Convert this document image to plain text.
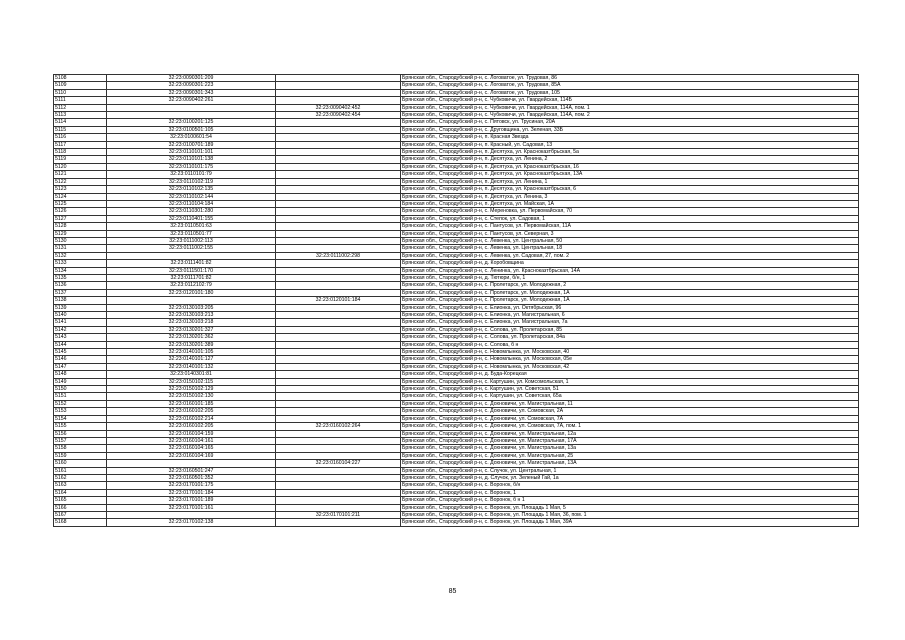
5108	32:23:0090301:209		Брянская обл., Стародубский р-н, с. Логоватое, ул. Трудовая, 86
5109	32:23:0090301:223		Брянская обл., Стародубский р-н, с. Логоватое, ул. Трудовая, 85А
5110	32:23:0090301:343		Брянская обл., Стародубский р-н, с. Логоватое, ул. Трудовая, 105
5111	32:23:0090402:261		Брянская обл., Стародубский р-н, с. Чубковичи, ул. Гвардейская, 114Б
5112		32:23:0090402:452	Брянская обл., Стародубский р-н, с. Чубковичи, ул. Гвардейская, 114А, пом. 1
5113		32:23:0090402:454	Брянская обл., Стародубский р-н, с. Чубковичи, ул. Гвардейская, 114А, пом. 2
5114	32:23:0100201:125		Брянская обл., Стародубский р-н, с. Пятовск, ул. Трусиная, 20А
5115	32:23:0100501:105		Брянская обл., Стародубский р-н, с. Друговщина, ул. Зеленая, 33Б
5116	32:23:0100601:54		Брянская обл., Стародубский р-н, п. Красная Звезда
5117	32:23:0100701:189		Брянская обл., Стародубский р-н, п. Красный, ул. Садовая, 13
5118	32:23:0110101:101		Брянская обл., Стародубский р-н, п. Десятуха, ул. Красноказтбрьская, 5а
5119	32:23:0110101:138		Брянская обл., Стародубский р-н, п. Десятуха, ул. Ленина, 2
5120	32:23:0110101:175		Брянская обл., Стародубский р-н, п. Десятуха, ул. Красноказтбрьская, 16
5121	32:23:0110101:79		Брянская обл., Стародубский р-н, п. Десятуха, ул. Красноказтбрьская, 13А
5122	32:23:0110102:119		Брянская обл., Стародубский р-н, п. Десятуха, ул. Ленина, 1
5123	32:23:0110102:135		Брянская обл., Стародубский р-н, п. Десятуха, ул. Красноказтбрьская, 6
5124	32:23:0110102:144		Брянская обл., Стародубский р-н, п. Десятуха, ул. Ленина, 3
5125	32:23:0110104:184		Брянская обл., Стародубский р-н, п. Десятуха, ул. Майская, 1А
5126	32:23:0110301:280		Брянская обл., Стародубский р-н, с. Мереновка, ул. Первомайская, 70
5127	32:23:0110401:155		Брянская обл., Стародубский р-н, с. Степок, ул. Садовая, 1
5128	32:23:0110501:63		Брянская обл., Стародубский р-н, с. Пантусов, ул. Первомайская, 11А
5129	32:23:0110501:77		Брянская обл., Стародубский р-н, с. Пантусов, ул. Северная, 3
5130	32:23:0111002:113		Брянская обл., Стародубский р-н, с. Левенка, ул. Центральная, 50
5131	32:23:0111002:155		Брянская обл., Стародубский р-н, с. Левенка, ул. Центральная, 18
5132		32:23:0111002:298	Брянская обл., Стародубский р-н, с. Левенка, ул. Садовая, 27, пом. 2
5133	32:23:0111401:82		Брянская обл., Стародубский р-н, д. Коробовщина
5134	32:23:0111501:170		Брянская обл., Стародубский р-н, с. Ленинка, ул. Красноказтбрьская, 14А
5135	32:23:0111701:82		Брянская обл., Стародубский р-н, д. Тютюри, б/н, 1
5136	32:23:0112102:79		Брянская обл., Стародубский р-н, с. Пролетарск, ул. Молодежная, 2
5137	32:23:0120101:180		Брянская обл., Стародубский р-н, с. Пролетарск, ул. Молодежная, 1А
5138		32:23:0120101:184	Брянская обл., Стародубский р-н, с. Пролетарск, ул. Молодежная, 1А
5139	32:23:0130103:205		Брянская обл., Стародубский р-н, с. Елионка, ул. Октябрьская, 96
5140	32:23:0130103:213		Брянская обл., Стародубский р-н, с. Елионка, ул. Магистральная, 6
5141	32:23:0130103:218		Брянская обл., Стародубский р-н, с. Елионка, ул. Магистральная, 7а
5142	32:23:0130201:327		Брянская обл., Стародубский р-н, с. Солова, ул. Пролетарская, 85
5143	32:23:0130201:362		Брянская обл., Стародубский р-н, с. Солова, ул. Пролетарская, 84а
5144	32:23:0130201:389		Брянская обл., Стародубский р-н, с. Солова, б н
5145	32:23:0140101:105		Брянская обл., Стародубский р-н, с. Новомлынка, ул. Московская, 40
5146	32:23:0140101:127		Брянская обл., Стародубский р-н, с. Новомлынка, ул. Московская, 05е
5147	32:23:0140101:132		Брянская обл., Стародубский р-н, с. Новомлынка, ул. Московская, 42
5148	32:23:0140301:81		Брянская обл., Стародубский р-н, д. Буда-Корецкая
5149	32:23:0150102:115		Брянская обл., Стародубский р-н, с. Картушин, ул. Комсомольская, 1
5150	32:23:0150102:129		Брянская обл., Стародубский р-н, с. Картушин, ул. Советская, 51
5151	32:23:0150102:130		Брянская обл., Стародубский р-н, с. Картушин, ул. Советская, 65а
5152	32:23:0160101:185		Брянская обл., Стародубский р-н, с. Дохновичи, ул. Магистральная, 11
5153	32:23:0160102:205		Брянская обл., Стародубский р-н, с. Дохновичи, ул. Сомовская, 2А
5154	32:23:0160102:214		Брянская обл., Стародубский р-н, с. Дохновичи, ул. Сомовская, 7А
5155	32:23:0160102:205	32:23:0160102:264	Брянская обл., Стародубский р-н, с. Дохновичи, ул. Сомовская, 7А, пом. 1
5156	32:23:0160104:159		Брянская обл., Стародубский р-н, с. Дохновичи, ул. Магистральная, 12а
5157	32:23:0160104:161		Брянская обл., Стародубский р-н, с. Дохновичи, ул. Магистральная, 17А
5158	32:23:0160104:165		Брянская обл., Стародубский р-н, с. Дохновичи, ул. Магистральная, 13а
5159	32:23:0160104:169		Брянская обл., Стародубский р-н, с. Дохновичи, ул. Магистральная, 25
5160		32:23:0160104:227	Брянская обл., Стародубский р-н, с. Дохновичи, ул. Магистральная, 13А
5161	32:23:0160501:247		Брянская обл., Стародубский р-н, с. Случок, ул. Центральная, 1
5162	32:23:0160501:352		Брянская обл., Стародубский р-н, д. Случок, ул. Зеленый Гай, 1а
5163	32:23:0170101:175		Брянская обл., Стародубский р-н, с. Воронок, б/н
5164	32:23:0170101:184		Брянская обл., Стародубский р-н, с. Воронок, 1
5165	32:23:0170101:189		Брянская обл., Стародубский р-н, с. Воронок, б н 1
5166	32:23:0170101:161		Брянская обл., Стародубский р-н, с. Воронок, ул. Площадь 1 Мая, 5
5167		32:23:0170101:211	Брянская обл., Стародубский р-н, с. Воронок, ул. Площадь 1 Мая, 36, пом. 1
5168	32:23:0170102:138		Брянская обл., Стародубский р-н, с. Воронок, ул. Площадь 1 Мая, 39А
85
